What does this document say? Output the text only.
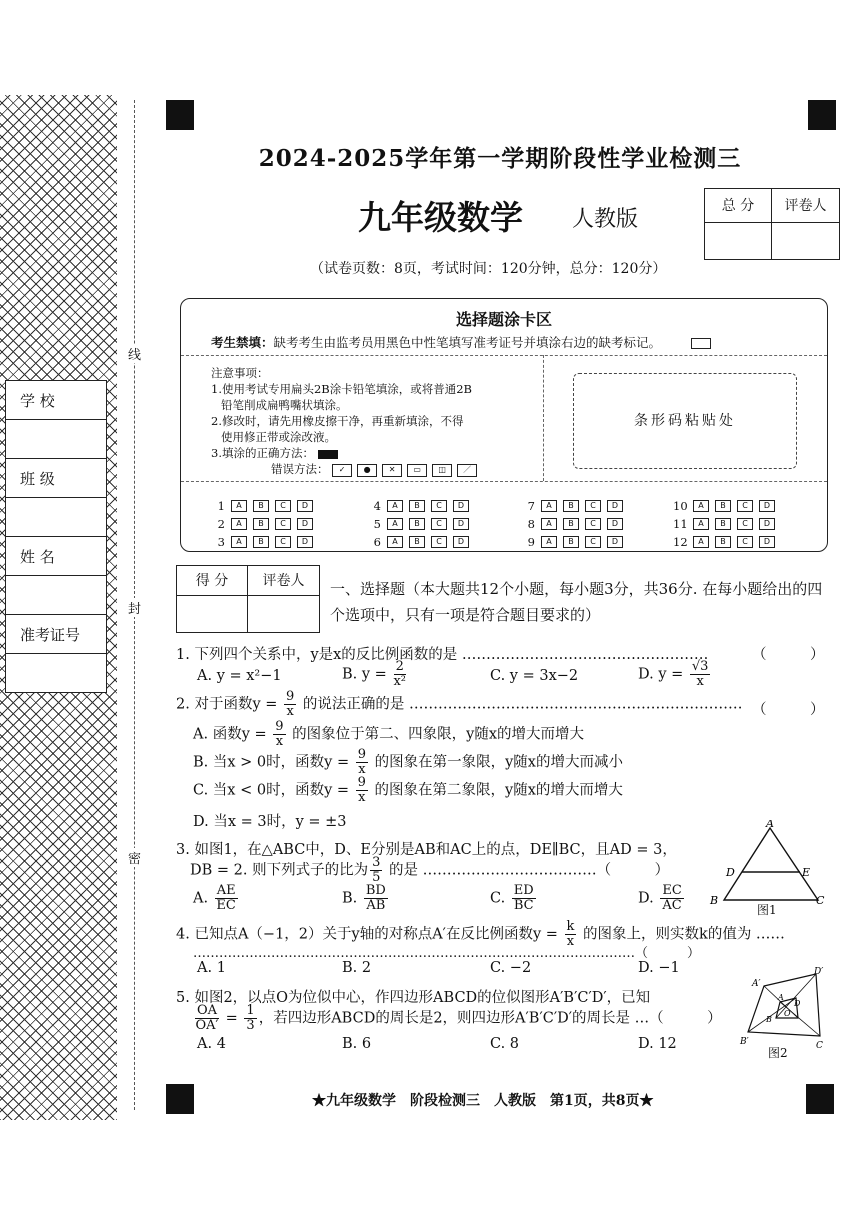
学 校
班 级
姓 名
准考证号
线
封
密
2024-2025学年第一学期阶段性学业检测三
九年级数学 人教版
总 分	评卷人
（试卷页数：8页，考试时间：120分钟，总分：120分）
选择题涂卡区
考生禁填：缺考考生由监考员用黑色中性笔填写准考证号并填涂右边的缺考标记。
注意事项：
1.使用考试专用扁头2B涂卡铅笔填涂，或将普通2B
铅笔削成扁鸭嘴状填涂。
2.修改时，请先用橡皮擦干净，再重新填涂，不得
使用修正带或涂改液。
3.填涂的正确方法：
错误方法：	✓	●	✕	▭	◫	／
条形码粘贴处
1	A	B	C	D
2	A	B	C	D
3	A	B	C	D
4	A	B	C	D
5	A	B	C	D
6	A	B	C	D
7	A	B	C	D
8	A	B	C	D
9	A	B	C	D
10	A	B	C	D
11	A	B	C	D
12	A	B	C	D
得 分	评卷人	一、选择题（本大题共12个小题，每小题3分，共36分. 在每小题给出的四个选项中，只有一项是符合题目要求的）
1. 下列四个关系中，y是x的反比例函数的是 ……………………………………………	（　　　）
A. y = x²−1	B. $y = \frac{2}{\text{x²}}$	C. y = 3x−2	D. $y = \frac{√3}{x}$
2. 对于函数$y = \frac{9}{x}$ 的说法正确的是 …………………………………………………………… （　　　）
A. 函数$y = \frac{9}{x}$ 的图象位于第二、四象限，y随x的增大而增大
B. 当x > 0时，函数$y = \frac{9}{x}$ 的图象在第一象限，y随x的增大而减小
C. 当x < 0时，函数$y = \frac{9}{x}$ 的图象在第二象限，y随x的增大而增大
D. 当x = 3时，y = ±3
3. 如图1，在△ABC中，D、E分别是AB和AC上的点，DE∥BC，且AD = 3，
DB = 2. 则下列式子的比为 $\frac{3}{5}$ 的是 ………………………………（　　　）
A. $\frac{AE}{EC}$	B. $\frac{BD}{AB}$	C. $\frac{ED}{BC}$	D. $\frac{EC}{AC}$
A
D	E
B	C
图1
4. 已知点A（−1，2）关于y轴的对称点A′在反比例函数$y = \frac{k}{x}$ 的图象上，则实数k的值为 ……
…………………………………………………………………………………………（　　　）
A. 1	B. 2	C. −2	D. −1
5. 如图2，以点O为位似中心，作四边形ABCD的位似图形A′B′C′D′，已知
$\frac{OA}{OA'} = \frac{1}{3}$ ，若四边形ABCD的周长是2，则四边形A′B′C′D′的周长是 …（　　　）
A. 4	B. 6	C. 8	D. 12
A′
D′
C
B′
A
D
B
O
图2
★九年级数学　阶段检测三　人教版　第1页，共8页★
